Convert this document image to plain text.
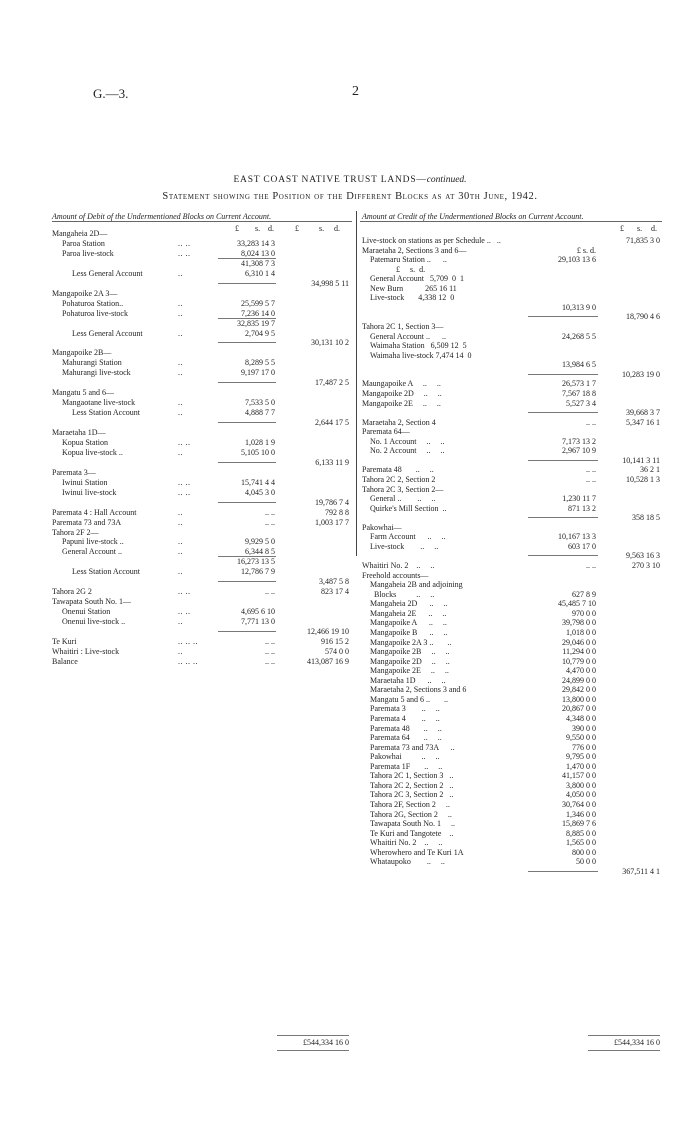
G.—3.	2
EAST COAST NATIVE TRUST LANDS—continued.
Statement showing the Position of the Different Blocks as at 30th June, 1942.
Amount of Debit of the Undermentioned Blocks on Current Account.	Amount at Credit of the Undermentioned Blocks on Current Account.
£ s. d.	£	s. d.	£ s. d.
Mangaheia 2D—
Paroa Station	.. ..	33,283 14 3
Paroa live-stock	.. ..	8,024 13 0
41,308 7 3
Less General Account	..	6,310 1 4
34,998 5 11
Mangapoike 2A 3—
Pohaturoa Station..	..	25,599 5 7
Pohaturoa live-stock	..	7,236 14 0
32,835 19 7
Less General Account	..	2,704 9 5
30,131 10 2
Mangapoike 2B—
Mahurangi Station	..	8,289 5 5
Mahurangi live-stock	..	9,197 17 0
17,487 2 5
Mangatu 5 and 6—
Mangaotane live-stock	..	7,533 5 0
Less Station Account	..	4,888 7 7
2,644 17 5
Maraetaha 1D—
Kopua Station	.. ..	1,028 1 9
Kopua live-stock ..	..	5,105 10 0
6,133 11 9
Paremata 3—
Iwinui Station	.. ..	15,741 4 4
Iwinui live-stock	.. ..	4,045 3 0
19,786 7 4
Paremata 4 : Hall Account	..	.. ..	792 8 8
Paremata 73 and 73A	..	.. ..	1,003 17 7
Tahora 2F 2—
Papuni live-stock ..	..	9,929 5 0
General Account ..	..	6,344 8 5
16,273 13 5
Less Station Account	..	12,786 7 9
3,487 5 8
Tahora 2G 2	.. ..	.. ..	823 17 4
Tawapata South No. 1—
Onenui Station	.. ..	4,695 6 10
Onenui live-stock ..	..	7,771 13 0
12,466 19 10
Te Kuri	.. .. ..	.. ..	916 15 2
Whaitiri : Live-stock	..	.. ..	574 0 0
Balance	.. .. ..	.. ..	413,087 16 9
Live-stock on stations as per Schedule ..   ..	71,835 3 0
Maraetaha 2, Sections 3 and 6—	£ s. d.
Patemaru Station ..      ..	29,103 13 6
£     s.  d.
General Account   5,709  0  1
New Burn           265 16 11
Live-stock       4,338 12  0
10,313 9 0
18,790 4 6
Tahora 2C 1, Section 3—
General Account ..      ..	24,268 5 5
Waimaha Station   6,509 12  5
Waimaha live-stock 7,474 14  0
13,984 6 5
10,283 19 0
Maungapoike A     ..     ..	26,573 1 7
Mangapoike 2D     ..     ..	7,567 18 8
Mangapoike 2E     ..     ..	5,527 3 4
39,668 3 7
Maraetaha 2, Section 4	.. ..	5,347 16 1
Paremata 64—
No. 1 Account     ..     ..	7,173 13 2
No. 2 Account     ..     ..	2,967 10 9
10,141 3 11
Paremata 48       ..     ..	.. ..	36 2 1
Tahora 2C 2, Section 2	.. ..	10,528 1 3
Tahora 2C 3, Section 2—
General ..        ..     ..	1,230 11 7
Quirke's Mill Section  ..	871 13 2
358 18 5
Pakowhai—
Farm Account      ..     ..	10,167 13 3
Live-stock        ..     ..	603 17 0
9,563 16 3
Whaitiri No. 2    ..     ..	.. ..	270 3 10
Freehold accounts—
Mangaheia 2B and adjoining
Blocks          ..     ..	627 8 9
Mangaheia 2D      ..     ..	45,485 7 10
Mangaheia 2E      ..     ..	970 0 0
Mangapoike A      ..     ..	39,798 0 0
Mangapoike B      ..     ..	1,018 0 0
Mangapoike 2A 3 ..       ..	29,046 0 0
Mangapoike 2B     ..     ..	11,294 0 0
Mangapoike 2D     ..     ..	10,779 0 0
Mangapoike 2E     ..     ..	4,470 0 0
Maraetaha 1D      ..     ..	24,899 0 0
Maraetaha 2, Sections 3 and 6	29,842 0 0
Mangatu 5 and 6 ..       ..	13,800 0 0
Paremata 3        ..     ..	20,867 0 0
Paremata 4        ..     ..	4,348 0 0
Paremata 48       ..     ..	390 0 0
Paremata 64       ..     ..	9,550 0 0
Paremata 73 and 73A      ..	776 0 0
Pakowhai          ..     ..	9,795 0 0
Paremata 1F       ..     ..	1,470 0 0
Tahora 2C 1, Section 3   ..	41,157 0 0
Tahora 2C 2, Section 2   ..	3,800 0 0
Tahora 2C 3, Section 2   ..	4,050 0 0
Tahora 2F, Section 2     ..	30,764 0 0
Tahora 2G, Section 2     ..	1,346 0 0
Tawapata South No. 1     ..	15,869 7 6
Te Kuri and Tangotete    ..	8,885 0 0
Whaitiri No. 2    ..     ..	1,565 0 0
Wherowhero and Te Kuri 1A	800 0 0
Whataupoko        ..     ..	50 0 0
367,511 4 1
£544,334 16 0	£544,334 16 0
